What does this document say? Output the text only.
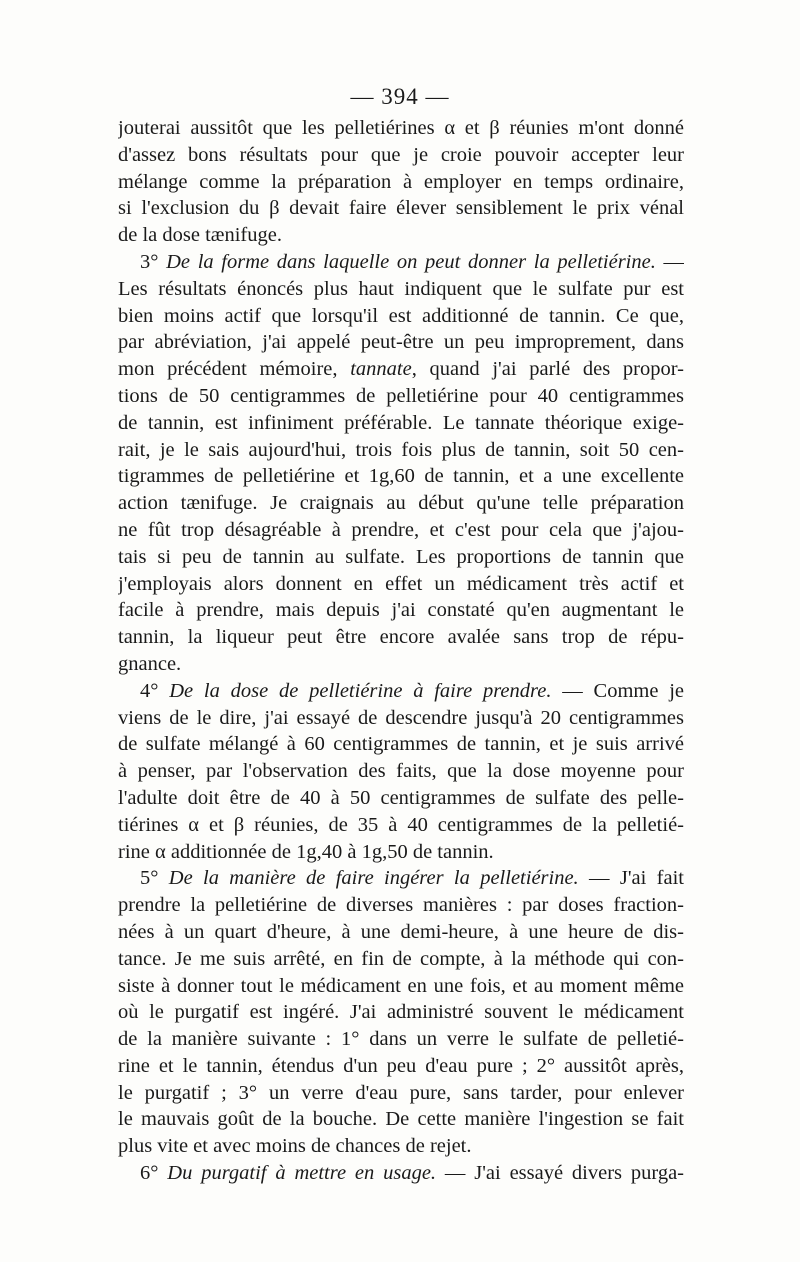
— 394 —
jouterai aussitôt que les pelletiérines α et β réunies m'ont donné
d'assez bons résultats pour que je croie pouvoir accepter leur
mélange comme la préparation à employer en temps ordinaire,
si l'exclusion du β devait faire élever sensiblement le prix vénal
de la dose tænifuge.
3° De la forme dans laquelle on peut donner la pelletiérine. —
Les résultats énoncés plus haut indiquent que le sulfate pur est
bien moins actif que lorsqu'il est additionné de tannin. Ce que,
par abréviation, j'ai appelé peut-être un peu improprement, dans
mon précédent mémoire, tannate, quand j'ai parlé des propor-
tions de 50 centigrammes de pelletiérine pour 40 centigrammes
de tannin, est infiniment préférable. Le tannate théorique exige-
rait, je le sais aujourd'hui, trois fois plus de tannin, soit 50 cen-
tigrammes de pelletiérine et 1g,60 de tannin, et a une excellente
action tænifuge. Je craignais au début qu'une telle préparation
ne fût trop désagréable à prendre, et c'est pour cela que j'ajou-
tais si peu de tannin au sulfate. Les proportions de tannin que
j'employais alors donnent en effet un médicament très actif et
facile à prendre, mais depuis j'ai constaté qu'en augmentant le
tannin, la liqueur peut être encore avalée sans trop de répu-
gnance.
4° De la dose de pelletiérine à faire prendre. — Comme je
viens de le dire, j'ai essayé de descendre jusqu'à 20 centigrammes
de sulfate mélangé à 60 centigrammes de tannin, et je suis arrivé
à penser, par l'observation des faits, que la dose moyenne pour
l'adulte doit être de 40 à 50 centigrammes de sulfate des pelle-
tiérines α et β réunies, de 35 à 40 centigrammes de la pelletié-
rine α additionnée de 1g,40 à 1g,50 de tannin.
5° De la manière de faire ingérer la pelletiérine. — J'ai fait
prendre la pelletiérine de diverses manières : par doses fraction-
nées à un quart d'heure, à une demi-heure, à une heure de dis-
tance. Je me suis arrêté, en fin de compte, à la méthode qui con-
siste à donner tout le médicament en une fois, et au moment même
où le purgatif est ingéré. J'ai administré souvent le médicament
de la manière suivante : 1° dans un verre le sulfate de pelletié-
rine et le tannin, étendus d'un peu d'eau pure ; 2° aussitôt après,
le purgatif ; 3° un verre d'eau pure, sans tarder, pour enlever
le mauvais goût de la bouche. De cette manière l'ingestion se fait
plus vite et avec moins de chances de rejet.
6° Du purgatif à mettre en usage. — J'ai essayé divers purga-
